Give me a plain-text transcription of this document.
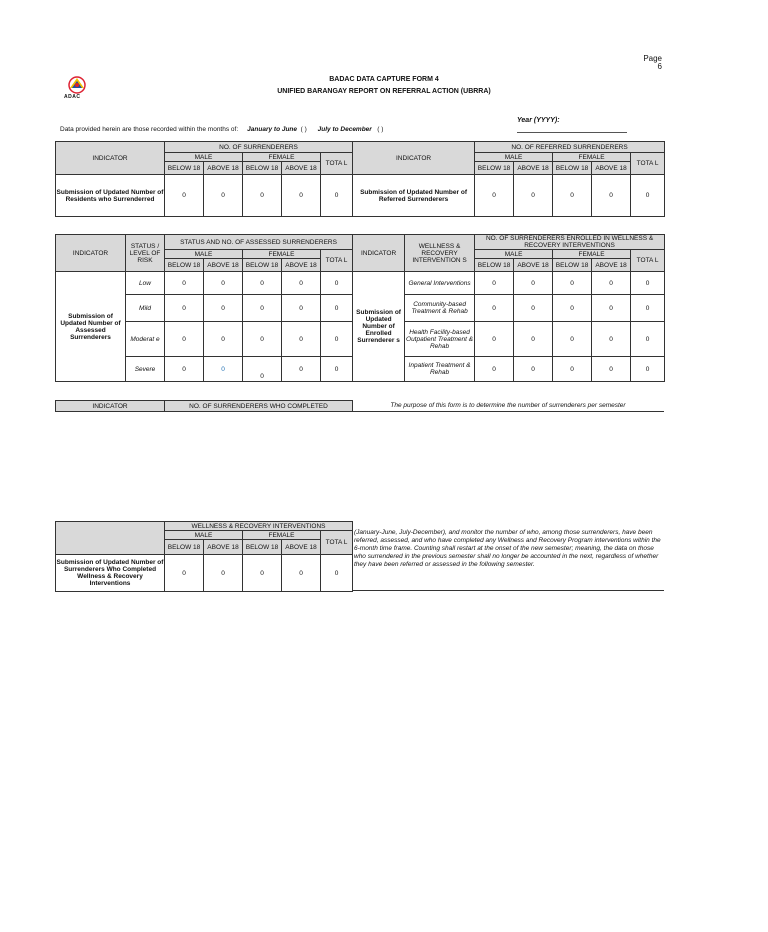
Page
6
ADAC
BADAC DATA CAPTURE FORM 4
UNIFIED BARANGAY REPORT ON REFERRAL ACTION (UBRRA)
Year (YYYY):
Data provided herein are those recorded within the months of: January to June ( ) July to December ( )
INDICATOR	NO. OF SURRENDERERS					INDICATOR	NO. OF REFERRED SURRENDERERS				
	MALE		FEMALE		TOTA L		MALE		FEMALE		TOTA L
	BELOW 18	ABOVE 18	BELOW 18	ABOVE 18			BELOW 18	ABOVE 18	BELOW 18	ABOVE 18	
Submission of Updated Number of Residents who Surrenderred	0	0	0	0	0	Submission of Updated Number of Referred Surrenderers	0	0	0	0	0
INDICATOR	STATUS / LEVEL OF RISK	STATUS AND NO. OF ASSESSED SURRENDERERS					INDICATOR	WELLNESS & RECOVERY INTERVENTION S	NO. OF SURRENDERERS ENROLLED IN WELLNESS & RECOVERY INTERVENTIONS				
		MALE		FEMALE		TOTA L			MALE		FEMALE		TOTA L
		BELOW 18	ABOVE 18	BELOW 18	ABOVE 18				BELOW 18	ABOVE 18	BELOW 18	ABOVE 18	
Submission of Updated Number of Assessed Surrenderers	Low	0	0	0	0	0	Submission of Updated Number of Enrolled Surrenderer s	General Interventions	0	0	0	0	0
	Mild	0	0	0	0	0		Community-based Treatment & Rehab	0	0	0	0	0
	Moderat e	0	0	0	0	0		Health Facility-based Outpatient Treatment & Rehab	0	0	0	0	0
	Severe	0	0	0	0	0		Inpatient Treatment & Rehab	0	0	0	0	0
INDICATOR	NO. OF SURRENDERERS WHO COMPLETED	The purpose of this form is to determine the number of surrenderers per semester
	WELLNESS & RECOVERY INTERVENTIONS				
	MALE		FEMALE		TOTA L
	BELOW 18	ABOVE 18	BELOW 18	ABOVE 18	
Submission of Updated Number of Surrenderers Who Completed Wellness & Recovery Interventions	0	0	0	0	0
(January-June, July-December), and monitor the number of who, among those surrenderers, have been referred, assessed, and who have completed any Wellness and Recovery Program interventions within the 6-month time frame. Counting shall restart at the onset of the new semester; meaning, the data on those who surrendered in the previous semester shall no longer be accounted in the next, regardless of whether they have been referred or assessed in the following semester.
